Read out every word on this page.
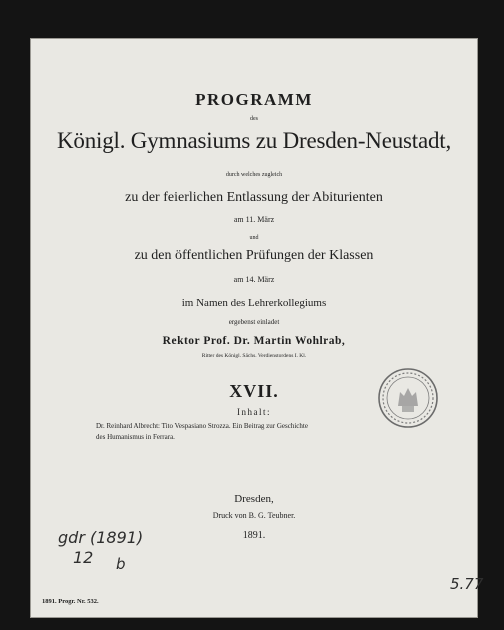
PROGRAMM
des
Königl. Gymnasiums zu Dresden-Neustadt,
durch welches zugleich
zu der feierlichen Entlassung der Abiturienten
am 11. März
und
zu den öffentlichen Prüfungen der Klassen
am 14. März
im Namen des Lehrerkollegiums
ergebenst einladet
Rektor Prof. Dr. Martin Wohlrab,
Ritter des Königl. Sächs. Verdienstordens I. Kl.
XVII.
Inhalt:
Dr. Reinhard Albrecht: Tito Vespasiano Strozza. Ein Beitrag zur Geschichte
des Humanismus in Ferrara.
Dresden,
Druck von B. G. Teubner.
1891.
1891. Progr. Nr. 532.
gdr (1891)
12 b
5.77
